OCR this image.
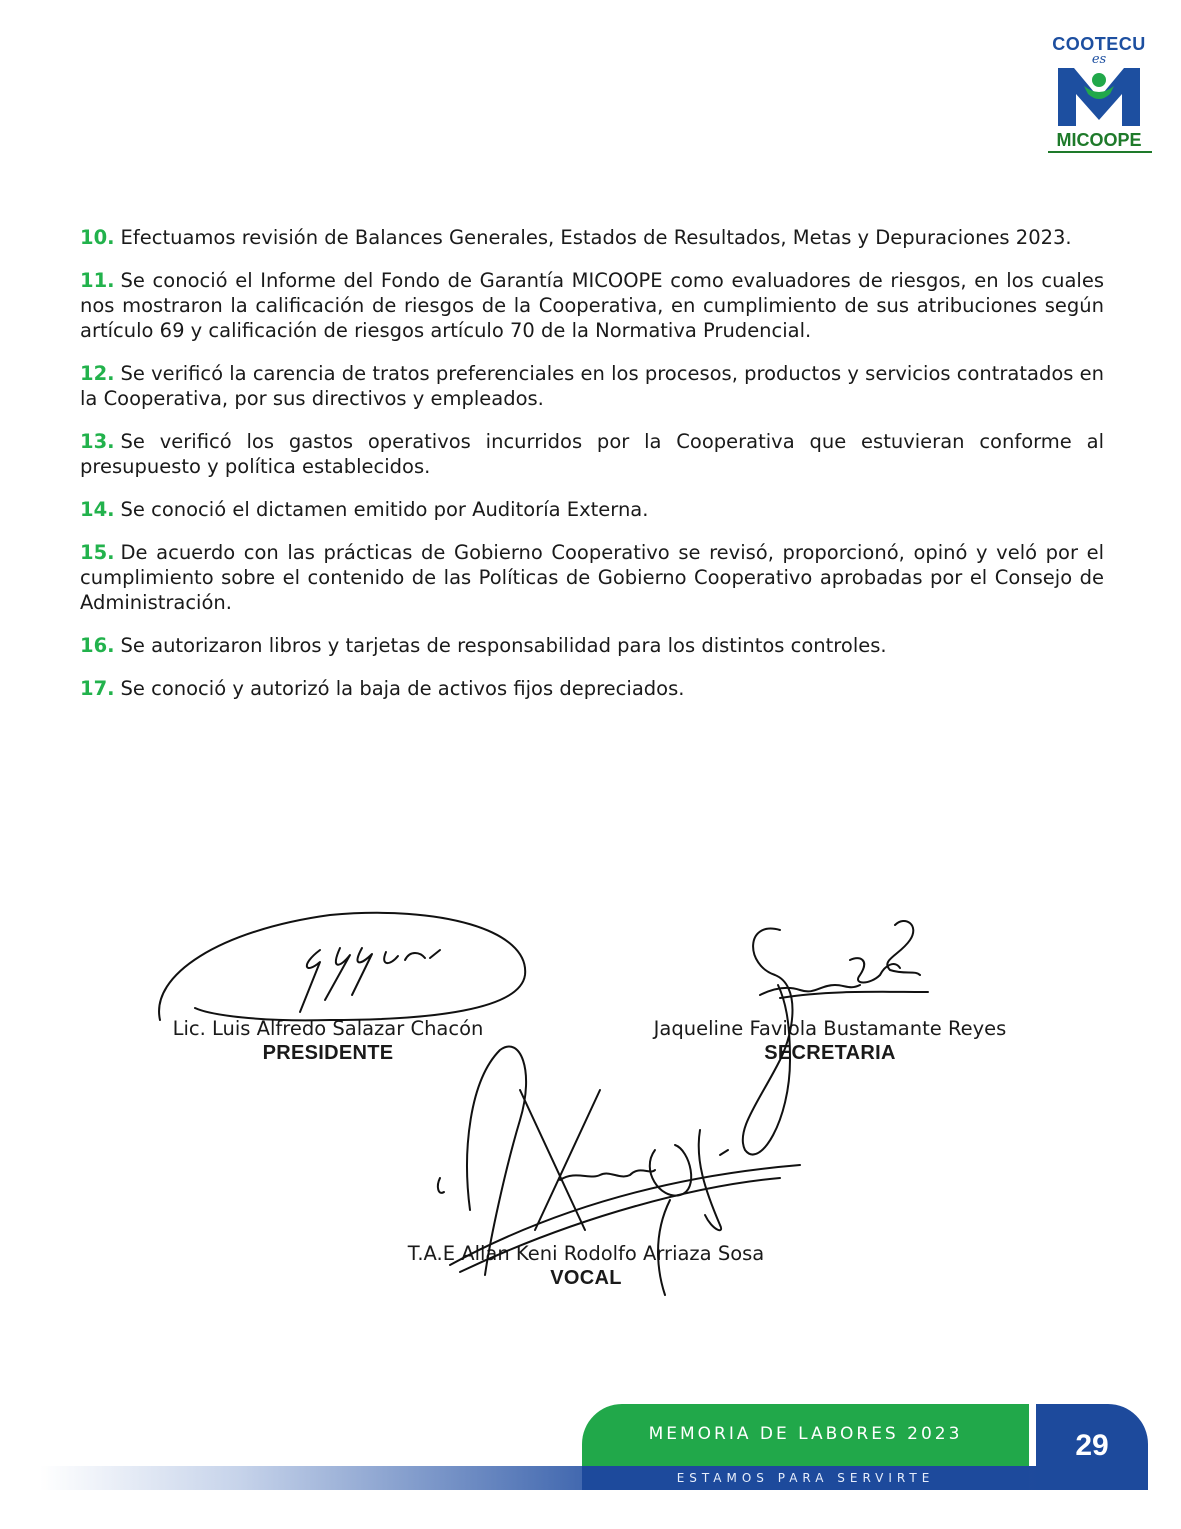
COOTECU
es
MICOOPE

10. Efectuamos revisión de Balances Generales, Estados de Resultados, Metas y Depuraciones 2023.

11. Se conoció el Informe del Fondo de Garantía MICOOPE como evaluadores de riesgos, en los cuales nos mostraron la calificación de riesgos de la Cooperativa, en cumplimiento de sus atribuciones según artículo 69 y calificación de riesgos artículo 70 de la Normativa Prudencial.

12. Se verificó la carencia de tratos preferenciales en los procesos, productos y servicios contratados en la Cooperativa, por sus directivos y empleados.

13. Se verificó los gastos operativos incurridos por la Cooperativa que estuvieran conforme al presupuesto y política establecidos.

14. Se conoció el dictamen emitido por Auditoría Externa.

15. De acuerdo con las prácticas de Gobierno Cooperativo se revisó, proporcionó, opinó y veló por el cumplimiento sobre el contenido de las Políticas de Gobierno Cooperativo aprobadas por el Consejo de Administración.

16. Se autorizaron libros y tarjetas de responsabilidad para los distintos controles.

17. Se conoció y autorizó la baja de activos fijos depreciados.

Lic. Luis Alfredo Salazar Chacón
PRESIDENTE
Jaqueline Faviola Bustamante Reyes
SECRETARIA
T.A.E Allan Keni Rodolfo Arriaza Sosa
VOCAL
MEMORIA DE LABORES 2023
ESTAMOS PARA SERVIRTE
29
